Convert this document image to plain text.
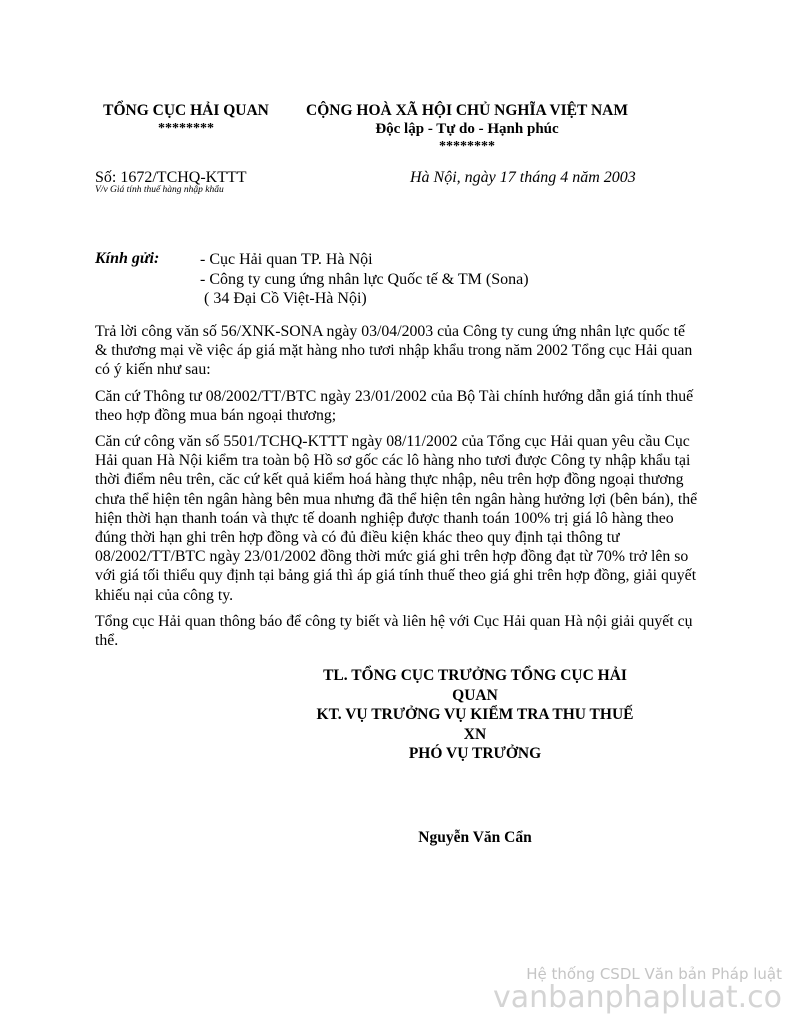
TỔNG CỤC HẢI QUAN
********
CỘNG HOÀ XÃ HỘI CHỦ NGHĨA VIỆT NAM
Độc lập - Tự do - Hạnh phúc
********
Số: 1672/TCHQ-KTTT
V/v Giá tính thuế hàng nhập khẩu
Hà Nội, ngày 17 tháng 4 năm 2003
Kính gửi:	- Cục Hải quan TP. Hà Nội
- Công ty cung ứng nhân lực Quốc tế & TM (Sona)
( 34 Đại Cồ Việt-Hà Nội)

Trả lời công văn số 56/XNK-SONA ngày 03/04/2003 của Công ty cung ứng nhân lực quốc tế & thương mại về việc áp giá mặt hàng nho tươi nhập khẩu trong năm 2002 Tổng cục Hải quan có ý kiến như sau:

Căn cứ Thông tư 08/2002/TT/BTC ngày 23/01/2002 của Bộ Tài chính hướng dẫn giá tính thuế theo hợp đồng mua bán ngoại thương;

Căn cứ công văn số 5501/TCHQ-KTTT ngày 08/11/2002 của Tổng cục Hải quan yêu cầu Cục Hải quan Hà Nội kiểm tra toàn bộ Hồ sơ gốc các lô hàng nho tươi được Công ty nhập khẩu tại thời điểm nêu trên, căc cứ kết quả kiểm hoá hàng thực nhập, nêu trên hợp đồng ngoại thương chưa thể hiện tên ngân hàng bên mua nhưng đã thể hiện tên ngân hàng hưởng lợi (bên bán), thể hiện thời hạn thanh toán và thực tế doanh nghiệp được thanh toán 100% trị giá lô hàng theo đúng thời hạn ghi trên hợp đồng và có đủ điều kiện khác theo quy định tại thông tư 08/2002/TT/BTC ngày 23/01/2002 đồng thời mức giá ghi trên hợp đồng đạt từ 70% trở lên so với giá tối thiểu quy định tại bảng giá thì áp giá tính thuế theo giá ghi trên hợp đồng, giải quyết khiếu nại của công ty.

Tổng cục Hải quan thông báo để công ty biết và liên hệ với Cục Hải quan Hà nội giải quyết cụ thể.

TL. TỔNG CỤC TRƯỞNG TỔNG CỤC HẢI QUAN
KT. VỤ TRƯỞNG VỤ KIỂM TRA THU THUẾ
XN
PHÓ VỤ TRƯỞNG
Nguyễn Văn Cẩn
Hệ thống CSDL Văn bản Pháp luật
vanbanphapluat.co
